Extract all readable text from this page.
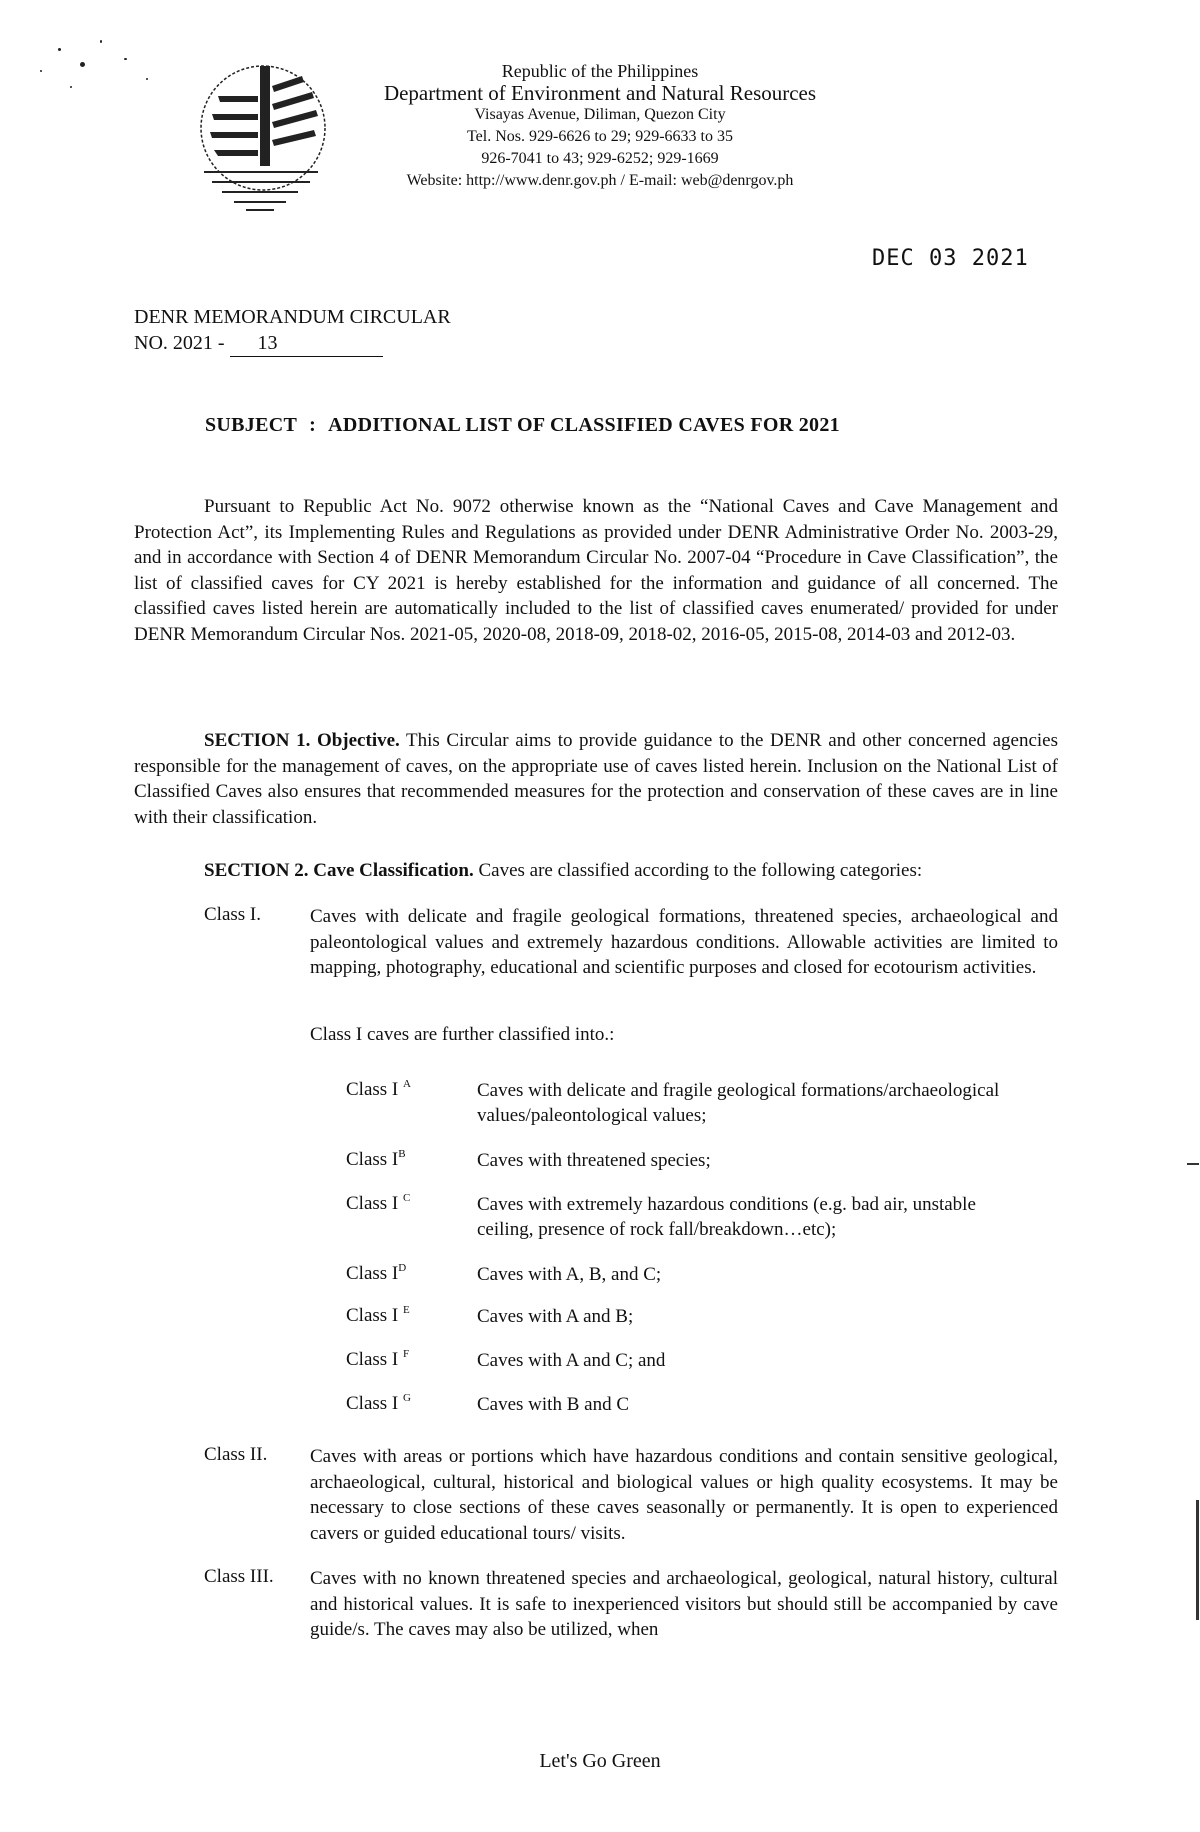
Republic of the Philippines
Department of Environment and Natural Resources
Visayas Avenue, Diliman, Quezon City
Tel. Nos. 929-6626 to 29; 929-6633 to 35
926-7041 to 43; 929-6252; 929-1669
Website: http://www.denr.gov.ph / E-mail: web@denrgov.ph
DEC 03 2021
DENR MEMORANDUM CIRCULAR
NO. 2021 - 13
SUBJECT : ADDITIONAL LIST OF CLASSIFIED CAVES FOR 2021

Pursuant to Republic Act No. 9072 otherwise known as the “National Caves and Cave Management and Protection Act”, its Implementing Rules and Regulations as provided under DENR Administrative Order No. 2003-29, and in accordance with Section 4 of DENR Memorandum Circular No. 2007-04 “Procedure in Cave Classification”, the list of classified caves for CY 2021 is hereby established for the information and guidance of all concerned. The classified caves listed herein are automatically included to the list of classified caves enumerated/ provided for under DENR Memorandum Circular Nos. 2021-05, 2020-08, 2018-09, 2018-02, 2016-05, 2015-08, 2014-03 and 2012-03.

SECTION 1. Objective. This Circular aims to provide guidance to the DENR and other concerned agencies responsible for the management of caves, on the appropriate use of caves listed herein. Inclusion on the National List of Classified Caves also ensures that recommended measures for the protection and conservation of these caves are in line with their classification.

SECTION 2. Cave Classification. Caves are classified according to the following categories:

Class I.	Caves with delicate and fragile geological formations, threatened species, archaeological and paleontological values and extremely hazardous conditions. Allowable activities are limited to mapping, photography, educational and scientific purposes and closed for ecotourism activities.
Class I caves are further classified into.:
Class I $^A$	Caves with delicate and fragile geological formations/archaeological values/paleontological values;
Class $I^B$	Caves with threatened species;
Class I $^C$	Caves with extremely hazardous conditions (e.g. bad air, unstable ceiling, presence of rock fall/breakdown…etc);
Class $I^D$	Caves with A, B, and C;
Class I $^E$	Caves with A and B;
Class I $^F$	Caves with A and C; and
Class I $^G$	Caves with B and C
Class II. Caves with areas or portions which have hazardous conditions and contain sensitive geological, archaeological, cultural, historical and biological values or high quality ecosystems. It may be necessary to close sections of these caves seasonally or permanently. It is open to experienced cavers or guided educational tours/ visits.
Class III. Caves with no known threatened species and archaeological, geological, natural history, cultural and historical values. It is safe to inexperienced visitors but should still be accompanied by cave guide/s. The caves may also be utilized, when
Let's Go Green
